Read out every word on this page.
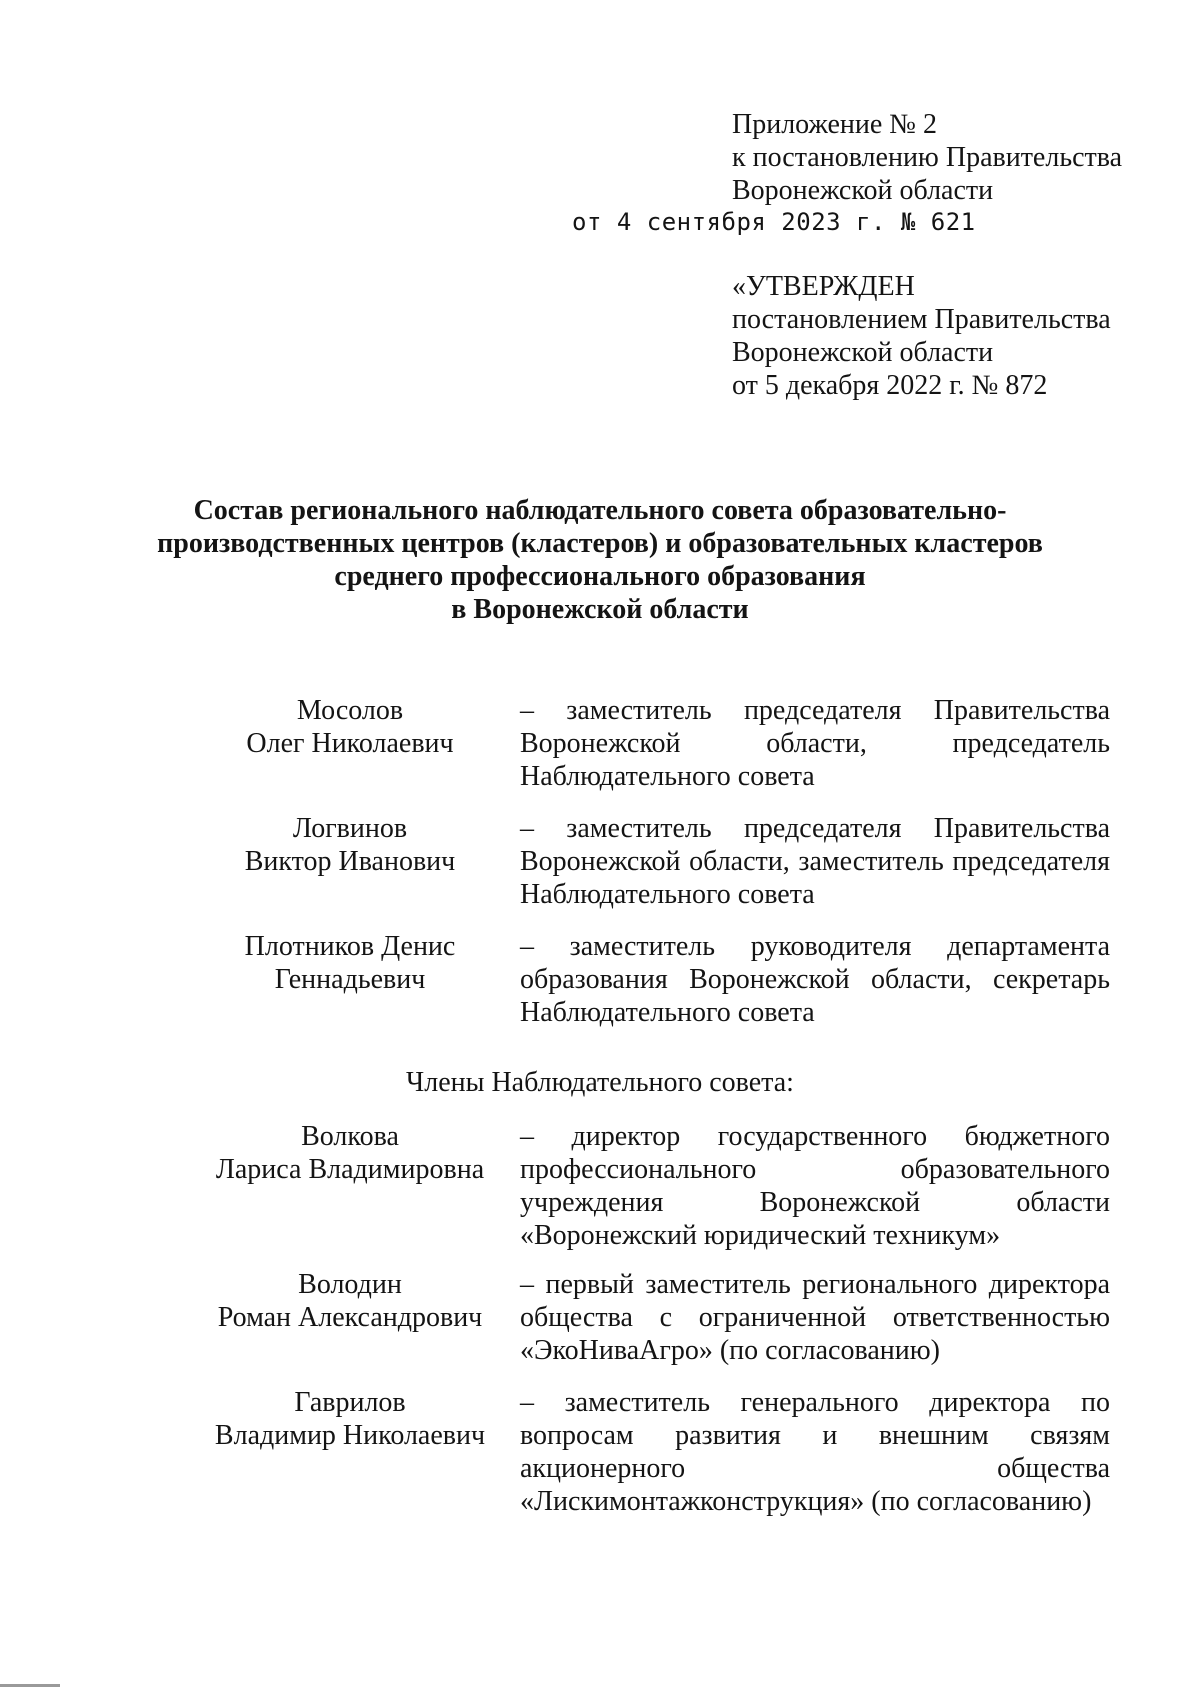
Приложение № 2
к постановлению Правительства
Воронежской области
от 4 сентября 2023 г. № 621
«УТВЕРЖДЕН
постановлением Правительства
Воронежской области
от 5 декабря 2022 г. № 872
Состав регионального наблюдательного совета образовательно-
производственных центров (кластеров) и образовательных кластеров
среднего профессионального образования
в Воронежской области
Мосолов
Олег Николаевич
– заместитель председателя Правительства Воронежской области, председатель Наблюдательного совета
Логвинов
Виктор Иванович
– заместитель председателя Правительства Воронежской области, заместитель председателя Наблюдательного совета
Плотников Денис
Геннадьевич
– заместитель руководителя департамента образования Воронежской области, секретарь Наблюдательного совета
Члены Наблюдательного совета:
Волкова
Лариса Владимировна
– директор государственного бюджетного профессионального образовательного учреждения Воронежской области «Воронежский юридический техникум»
Володин
Роман Александрович
– первый заместитель регионального директора общества с ограниченной ответственностью «ЭкоНиваАгро» (по согласованию)
Гаврилов
Владимир Николаевич
– заместитель генерального директора по вопросам развития и внешним связям акционерного общества «Лискимонтажконструкция» (по согласованию)
